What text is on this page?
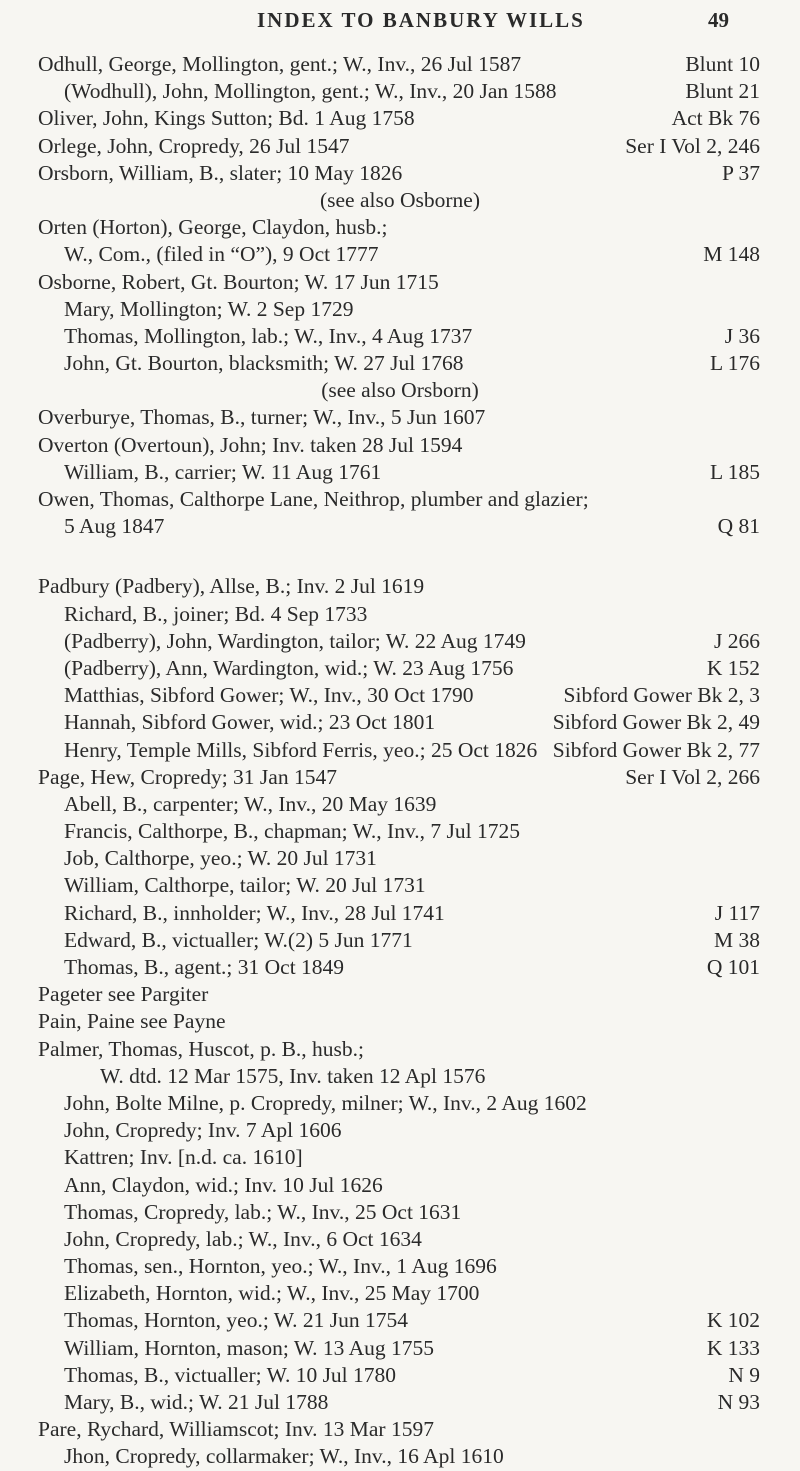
INDEX TO BANBURY WILLS	49
Odhull, George, Mollington, gent.; W., Inv., 26 Jul 1587	Blunt 10
(Wodhull), John, Mollington, gent.; W., Inv., 20 Jan 1588	Blunt 21
Oliver, John, Kings Sutton; Bd. 1 Aug 1758	Act Bk 76
Orlege, John, Cropredy, 26 Jul 1547	Ser I Vol 2, 246
Orsborn, William, B., slater; 10 May 1826	P 37
(see also Osborne)
Orten (Horton), George, Claydon, husb.;
W., Com., (filed in “O”), 9 Oct 1777	M 148
Osborne, Robert, Gt. Bourton; W. 17 Jun 1715
Mary, Mollington; W. 2 Sep 1729
Thomas, Mollington, lab.; W., Inv., 4 Aug 1737	J 36
John, Gt. Bourton, blacksmith; W. 27 Jul 1768	L 176
(see also Orsborn)
Overburye, Thomas, B., turner; W., Inv., 5 Jun 1607
Overton (Overtoun), John; Inv. taken 28 Jul 1594
William, B., carrier; W. 11 Aug 1761	L 185
Owen, Thomas, Calthorpe Lane, Neithrop, plumber and glazier;
5 Aug 1847	Q 81
Padbury (Padbery), Allse, B.; Inv. 2 Jul 1619
Richard, B., joiner; Bd. 4 Sep 1733
(Padberry), John, Wardington, tailor; W. 22 Aug 1749	J 266
(Padberry), Ann, Wardington, wid.; W. 23 Aug 1756	K 152
Matthias, Sibford Gower; W., Inv., 30 Oct 1790	Sibford Gower Bk 2, 3
Hannah, Sibford Gower, wid.; 23 Oct 1801	Sibford Gower Bk 2, 49
Henry, Temple Mills, Sibford Ferris, yeo.; 25 Oct 1826 Sibford Gower Bk 2, 77
Page, Hew, Cropredy; 31 Jan 1547	Ser I Vol 2, 266
Abell, B., carpenter; W., Inv., 20 May 1639
Francis, Calthorpe, B., chapman; W., Inv., 7 Jul 1725
Job, Calthorpe, yeo.; W. 20 Jul 1731
William, Calthorpe, tailor; W. 20 Jul 1731
Richard, B., innholder; W., Inv., 28 Jul 1741	J 117
Edward, B., victualler; W.(2) 5 Jun 1771	M 38
Thomas, B., agent.; 31 Oct 1849	Q 101
Pageter see Pargiter
Pain, Paine see Payne
Palmer, Thomas, Huscot, p. B., husb.;
W. dtd. 12 Mar 1575, Inv. taken 12 Apl 1576
John, Bolte Milne, p. Cropredy, milner; W., Inv., 2 Aug 1602
John, Cropredy; Inv. 7 Apl 1606
Kattren; Inv. [n.d. ca. 1610]
Ann, Claydon, wid.; Inv. 10 Jul 1626
Thomas, Cropredy, lab.; W., Inv., 25 Oct 1631
John, Cropredy, lab.; W., Inv., 6 Oct 1634
Thomas, sen., Hornton, yeo.; W., Inv., 1 Aug 1696
Elizabeth, Hornton, wid.; W., Inv., 25 May 1700
Thomas, Hornton, yeo.; W. 21 Jun 1754	K 102
William, Hornton, mason; W. 13 Aug 1755	K 133
Thomas, B., victualler; W. 10 Jul 1780	N 9
Mary, B., wid.; W. 21 Jul 1788	N 93
Pare, Rychard, Williamscot; Inv. 13 Mar 1597
Jhon, Cropredy, collarmaker; W., Inv., 16 Apl 1610
